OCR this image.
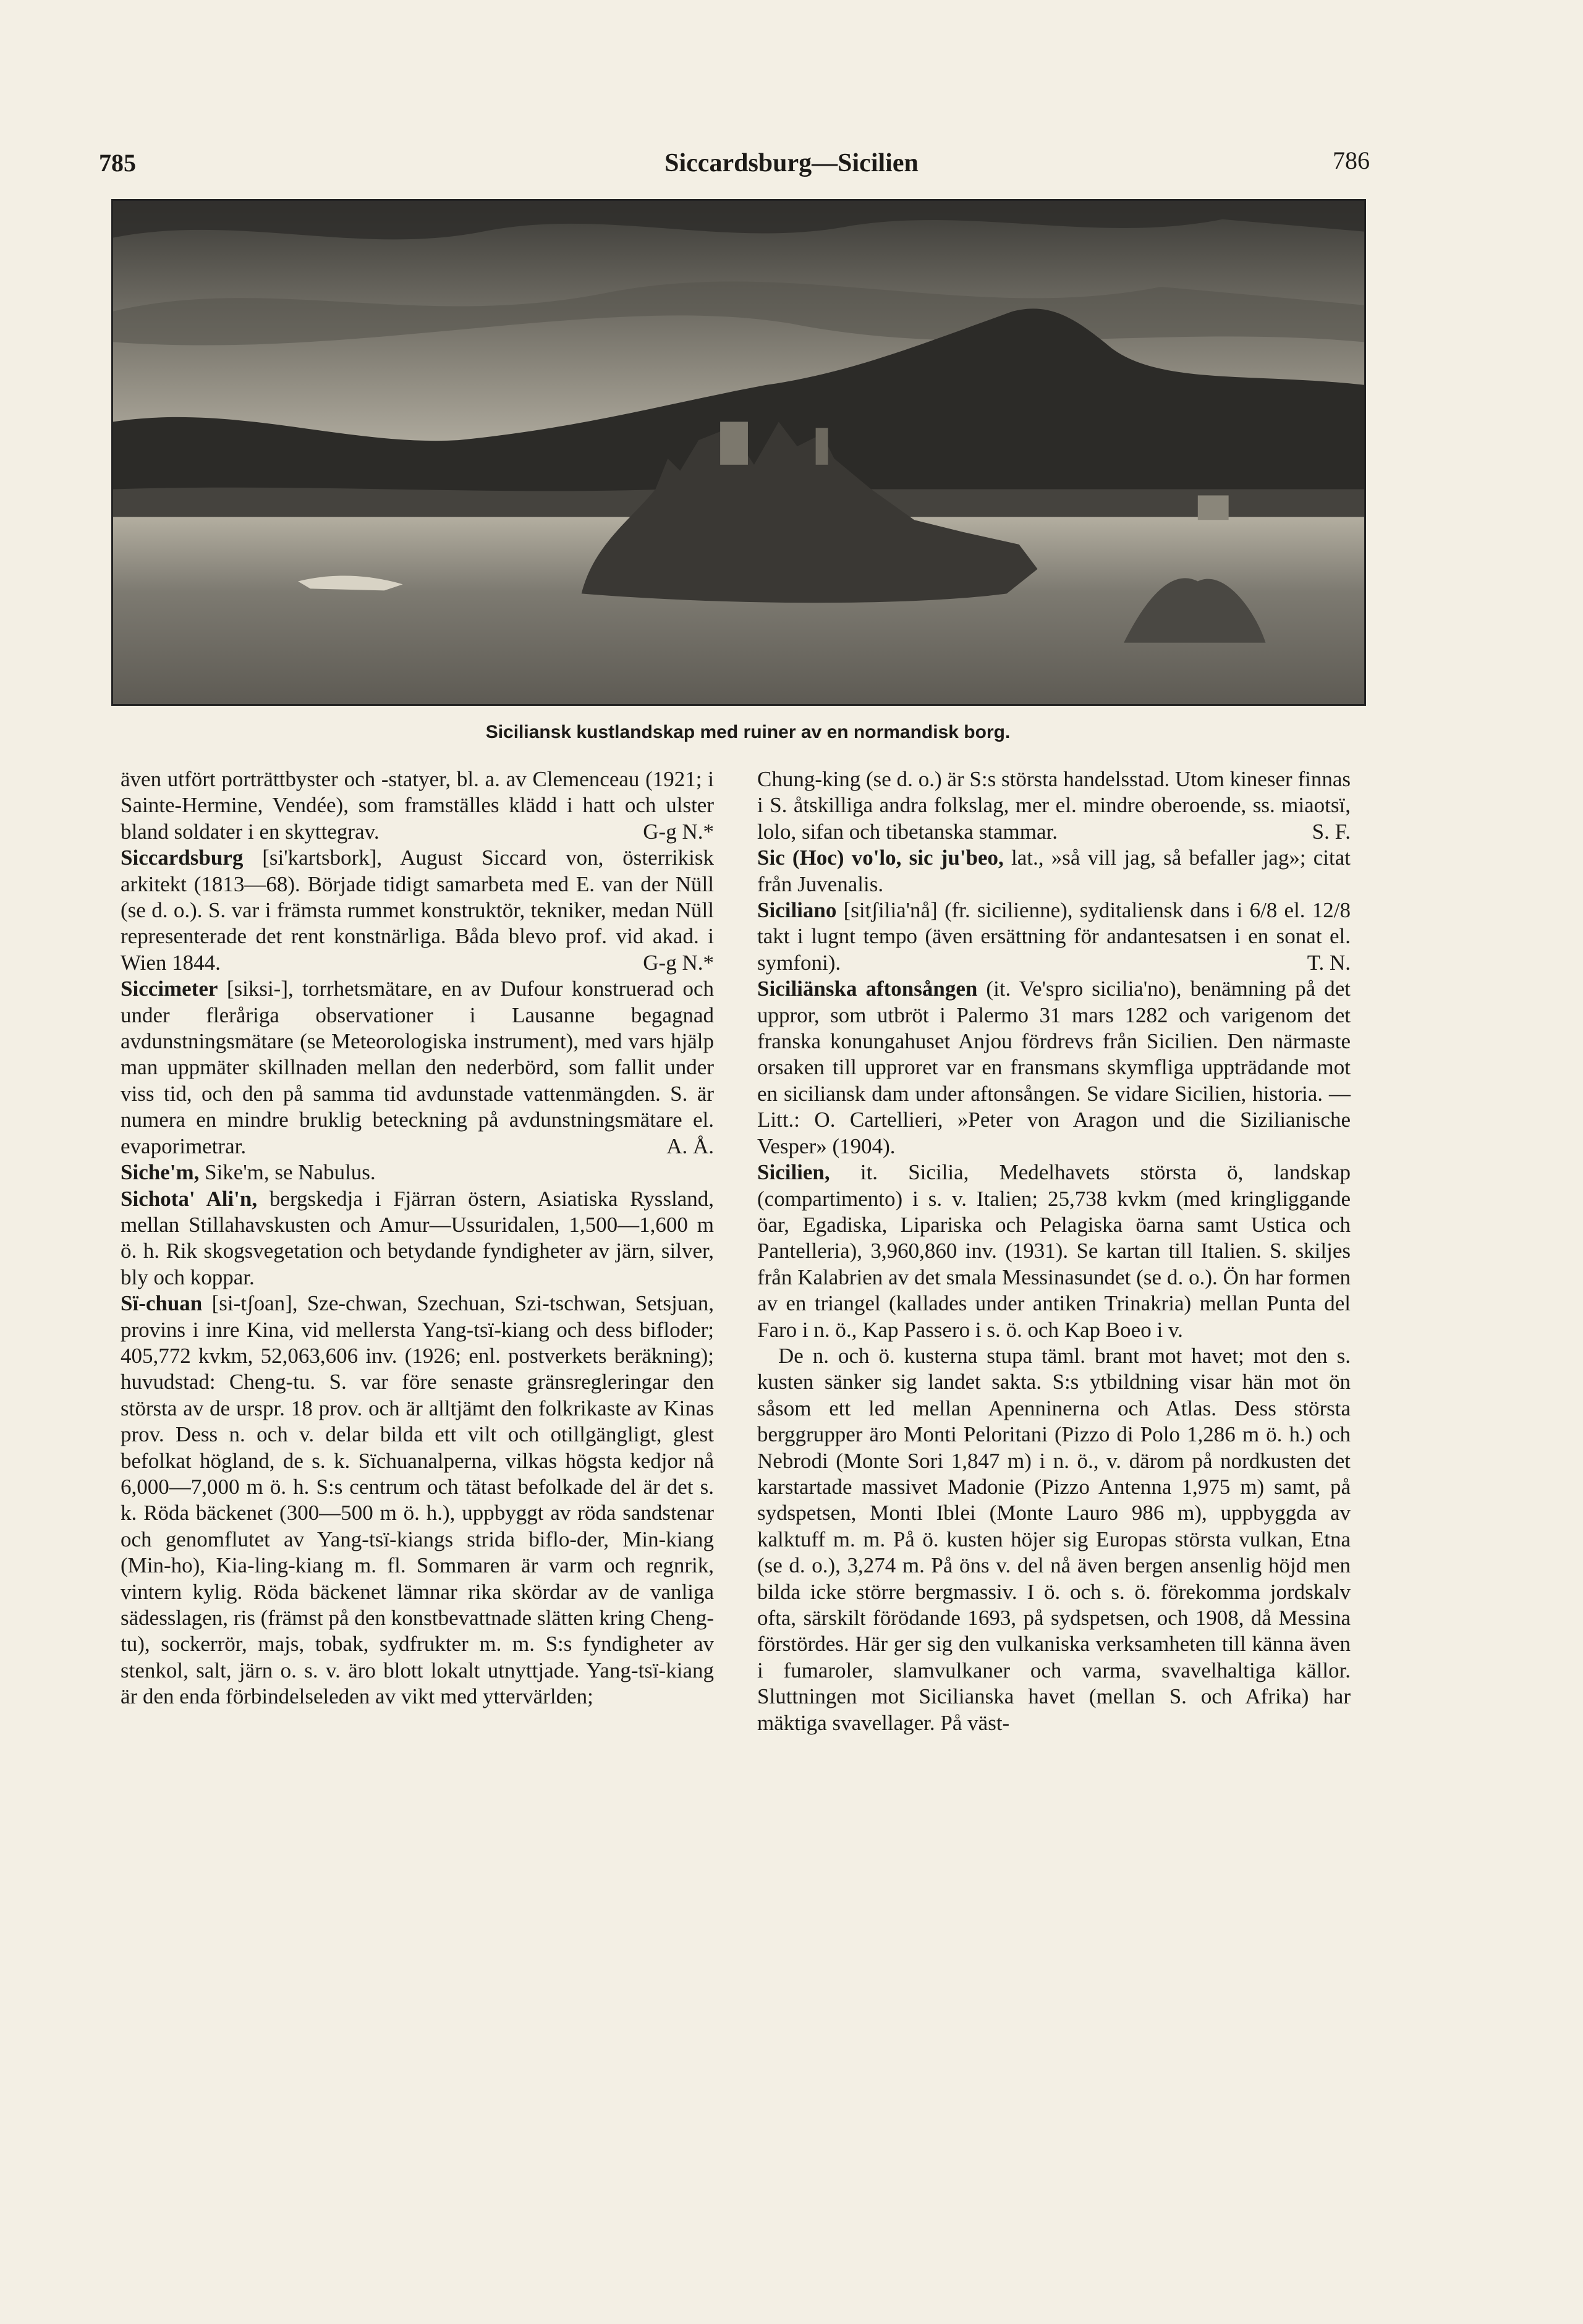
785	Siccardsburg—Sicilien	786
Siciliansk kustlandskap med ruiner av en normandisk borg.

även utfört porträttbyster och -statyer, bl. a. av Clemenceau (1921; i Sainte-Hermine, Vendée), som framställes klädd i hatt och ulster bland soldater i en skyttegrav.	G-g N.*

Siccardsburg [si'kartsbork], August Siccard von, österrikisk arkitekt (1813—68). Började tidigt samarbeta med E. van der Nüll (se d. o.). S. var i främsta rummet konstruktör, tekniker, medan Nüll representerade det rent konstnärliga. Båda blevo prof. vid akad. i Wien 1844.	G-g N.*

Siccimeter [siksi-], torrhetsmätare, en av Dufour konstruerad och under fleråriga observationer i Lausanne begagnad avdunstningsmätare (se Meteorologiska instrument), med vars hjälp man uppmäter skillnaden mellan den nederbörd, som fallit under viss tid, och den på samma tid avdunstade vattenmängden. S. är numera en mindre bruklig beteckning på avdunstningsmätare el. evaporimetrar.	A. Å.

Siche'm, Sike'm, se Nabulus.

Sichota' Ali'n, bergskedja i Fjärran östern, Asiatiska Ryssland, mellan Stillahavskusten och Amur—Ussuridalen, 1,500—1,600 m ö. h. Rik skogsvegetation och betydande fyndigheter av järn, silver, bly och koppar.

Sï-chuan [si-tʃoan], Sze-chwan, Szechuan, Szi-tschwan, Setsjuan, provins i inre Kina, vid mellersta Yang-tsï-kiang och dess bifloder; 405,772 kvkm, 52,063,606 inv. (1926; enl. postverkets beräkning); huvudstad: Cheng-tu. S. var före senaste gränsregleringar den största av de urspr. 18 prov. och är alltjämt den folkrikaste av Kinas prov. Dess n. och v. delar bilda ett vilt och otillgängligt, glest befolkat högland, de s. k. Sïchuanalperna, vilkas högsta kedjor nå 6,000—7,000 m ö. h. S:s centrum och tätast befolkade del är det s. k. Röda bäckenet (300—500 m ö. h.), uppbyggt av röda sandstenar och genomflutet av Yang-tsï-kiangs strida biflo-der, Min-kiang (Min-ho), Kia-ling-kiang m. fl. Sommaren är varm och regnrik, vintern kylig. Röda bäckenet lämnar rika skördar av de vanliga sädesslagen, ris (främst på den konstbevattnade slätten kring Cheng-tu), sockerrör, majs, tobak, sydfrukter m. m. S:s fyndigheter av stenkol, salt, järn o. s. v. äro blott lokalt utnyttjade. Yang-tsï-kiang är den enda förbindelseleden av vikt med yttervärlden;

Chung-king (se d. o.) är S:s största handelsstad. Utom kineser finnas i S. åtskilliga andra folkslag, mer el. mindre oberoende, ss. miaotsï, lolo, sifan och tibetanska stammar.	S. F.

Sic (Hoc) vo'lo, sic ju'beo, lat., »så vill jag, så befaller jag»; citat från Juvenalis.

Siciliano [sitʃilia'nå] (fr. sicilienne), syditaliensk dans i 6/8 el. 12/8 takt i lugnt tempo (även ersättning för andantesatsen i en sonat el. symfoni).	T. N.

Siciliänska aftonsången (it. Ve'spro sicilia'no), benämning på det uppror, som utbröt i Palermo 31 mars 1282 och varigenom det franska konungahuset Anjou fördrevs från Sicilien. Den närmaste orsaken till upproret var en fransmans skymfliga uppträdande mot en siciliansk dam under aftonsången. Se vidare Sicilien, historia. — Litt.: O. Cartellieri, »Peter von Aragon und die Sizilianische Vesper» (1904).

Sicilien, it. Sicilia, Medelhavets största ö, landskap (compartimento) i s. v. Italien; 25,738 kvkm (med kringliggande öar, Egadiska, Lipariska och Pelagiska öarna samt Ustica och Pantelleria), 3,960,860 inv. (1931). Se kartan till Italien. S. skiljes från Kalabrien av det smala Messinasundet (se d. o.). Ön har formen av en triangel (kallades under antiken Trinakria) mellan Punta del Faro i n. ö., Kap Passero i s. ö. och Kap Boeo i v.

De n. och ö. kusterna stupa täml. brant mot havet; mot den s. kusten sänker sig landet sakta. S:s ytbildning visar hän mot ön såsom ett led mellan Apenninerna och Atlas. Dess största berggrupper äro Monti Peloritani (Pizzo di Polo 1,286 m ö. h.) och Nebrodi (Monte Sori 1,847 m) i n. ö., v. därom på nordkusten det karstartade massivet Madonie (Pizzo Antenna 1,975 m) samt, på sydspetsen, Monti Iblei (Monte Lauro 986 m), uppbyggda av kalktuff m. m. På ö. kusten höjer sig Europas största vulkan, Etna (se d. o.), 3,274 m. På öns v. del nå även bergen ansenlig höjd men bilda icke större bergmassiv. I ö. och s. ö. förekomma jordskalv ofta, särskilt förödande 1693, på sydspetsen, och 1908, då Messina förstördes. Här ger sig den vulkaniska verksamheten till känna även i fumaroler, slamvulkaner och varma, svavelhaltiga källor. Sluttningen mot Sicilianska havet (mellan S. och Afrika) har mäktiga svavellager. På väst-
